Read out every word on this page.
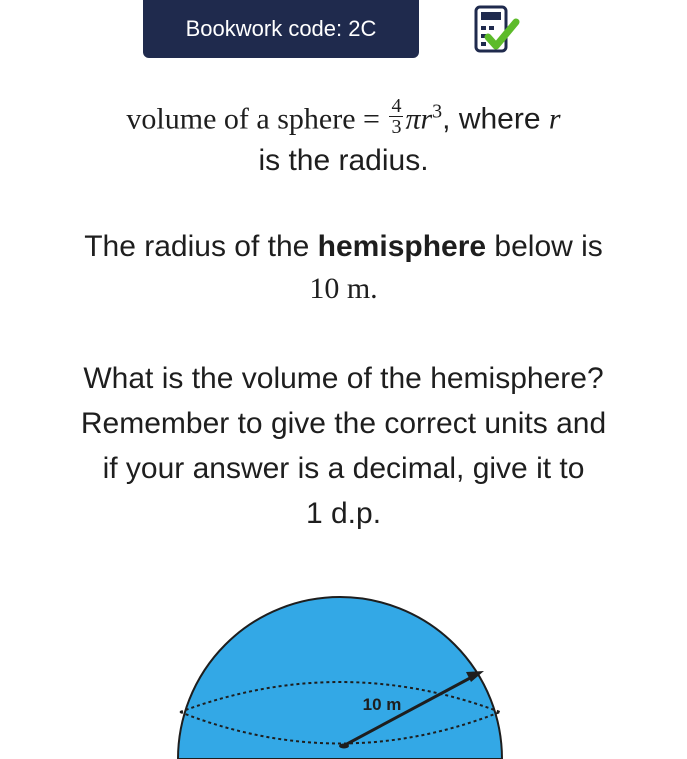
Bookwork code: 2C
volume of a sphere = $\frac{4}{3} \pi r^3$, where r
is the radius.
The radius of the hemisphere below is
10 m.
What is the volume of the hemisphere?
Remember to give the correct units and
if your answer is a decimal, give it to
1 d.p.
10 m
